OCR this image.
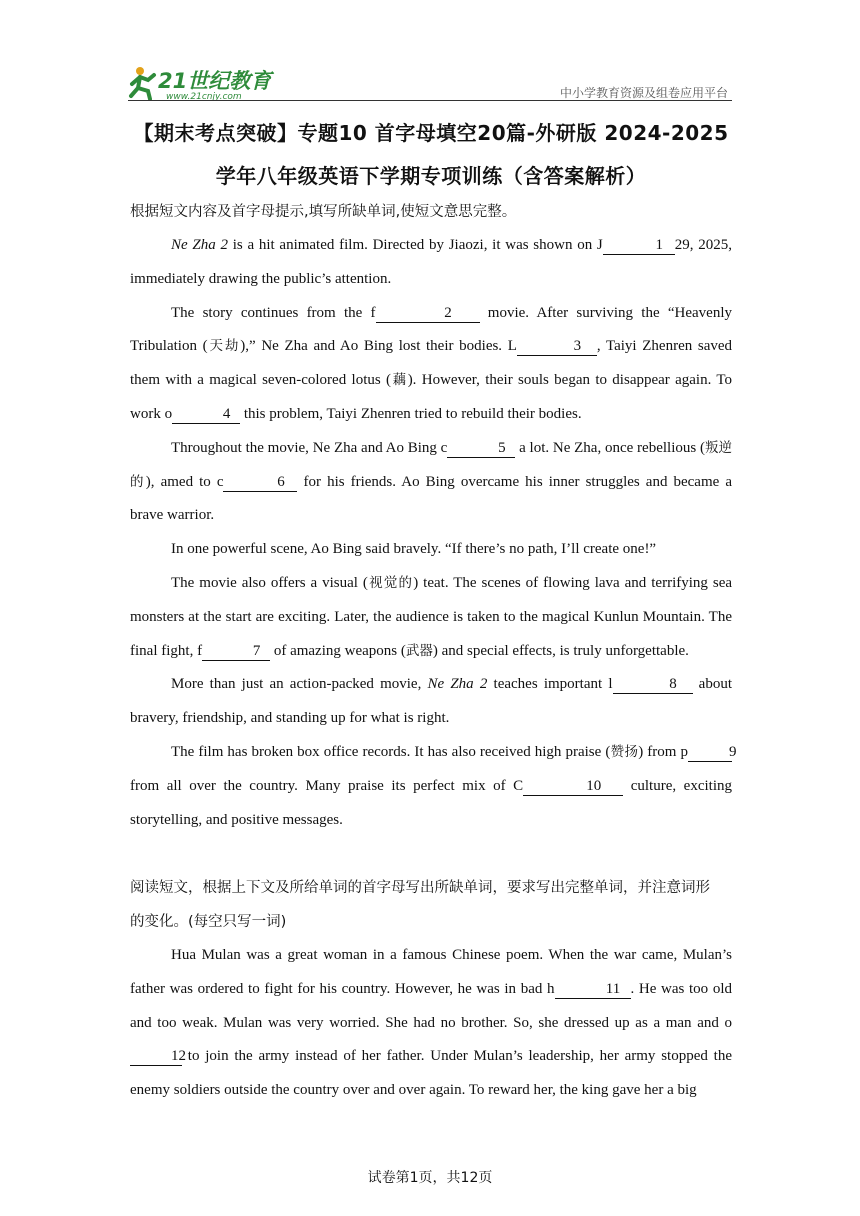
21世纪教育
www.21cnjy.com	中小学教育资源及组卷应用平台
【期末考点突破】专题10 首字母填空20篇-外研版 2024-2025
学年八年级英语下学期专项训练（含答案解析）
根据短文内容及首字母提示,填写所缺单词,使短文意思完整。

Ne Zha 2 is a hit animated film. Directed by Jiaozi, it was shown on J	1 29, 2025, immediately drawing the public’s attention.

The story continues from the f	2 movie. After surviving the “Heavenly Tribulation (天劫),” Ne Zha and Ao Bing lost their bodies. L	3 , Taiyi Zhenren saved them with a magical seven-colored lotus (藕). However, their souls began to disappear again. To work o	4 this problem, Taiyi Zhenren tried to rebuild their bodies.

Throughout the movie, Ne Zha and Ao Bing c	5 a lot. Ne Zha, once rebellious (叛逆的), amed to c	6 for his friends. Ao Bing overcame his inner struggles and became a brave warrior.

In one powerful scene, Ao Bing said bravely. “If there’s no path, I’ll create one!”

The movie also offers a visual (视觉的) teat. The scenes of flowing lava and terrifying sea monsters at the start are exciting. Later, the audience is taken to the magical Kunlun Mountain. The final fight, f	7 of amazing weapons (武器) and special effects, is truly unforgettable.

More than just an action-packed movie, Ne Zha 2 teaches important l	8 about bravery, friendship, and standing up for what is right.

The film has broken box office records. It has also received high praise (赞扬) from p	9 from all over the country. Many praise its perfect mix of C	10 culture, exciting storytelling, and positive messages.

阅读短文，根据上下文及所给单词的首字母写出所缺单词，要求写出完整单词，并注意词形
的变化。(每空只写一词)

Hua Mulan was a great woman in a famous Chinese poem. When the war came, Mulan’s father was ordered to fight for his country. However, he was in bad h	11 . He was too old and too weak. Mulan was very worried. She had no brother. So, she dressed up as a man and o12 to join the army instead of her father. Under Mulan’s leadership, her army stopped the enemy soldiers outside the country over and over again. To reward her, the king gave her a big

试卷第1页，共12页
